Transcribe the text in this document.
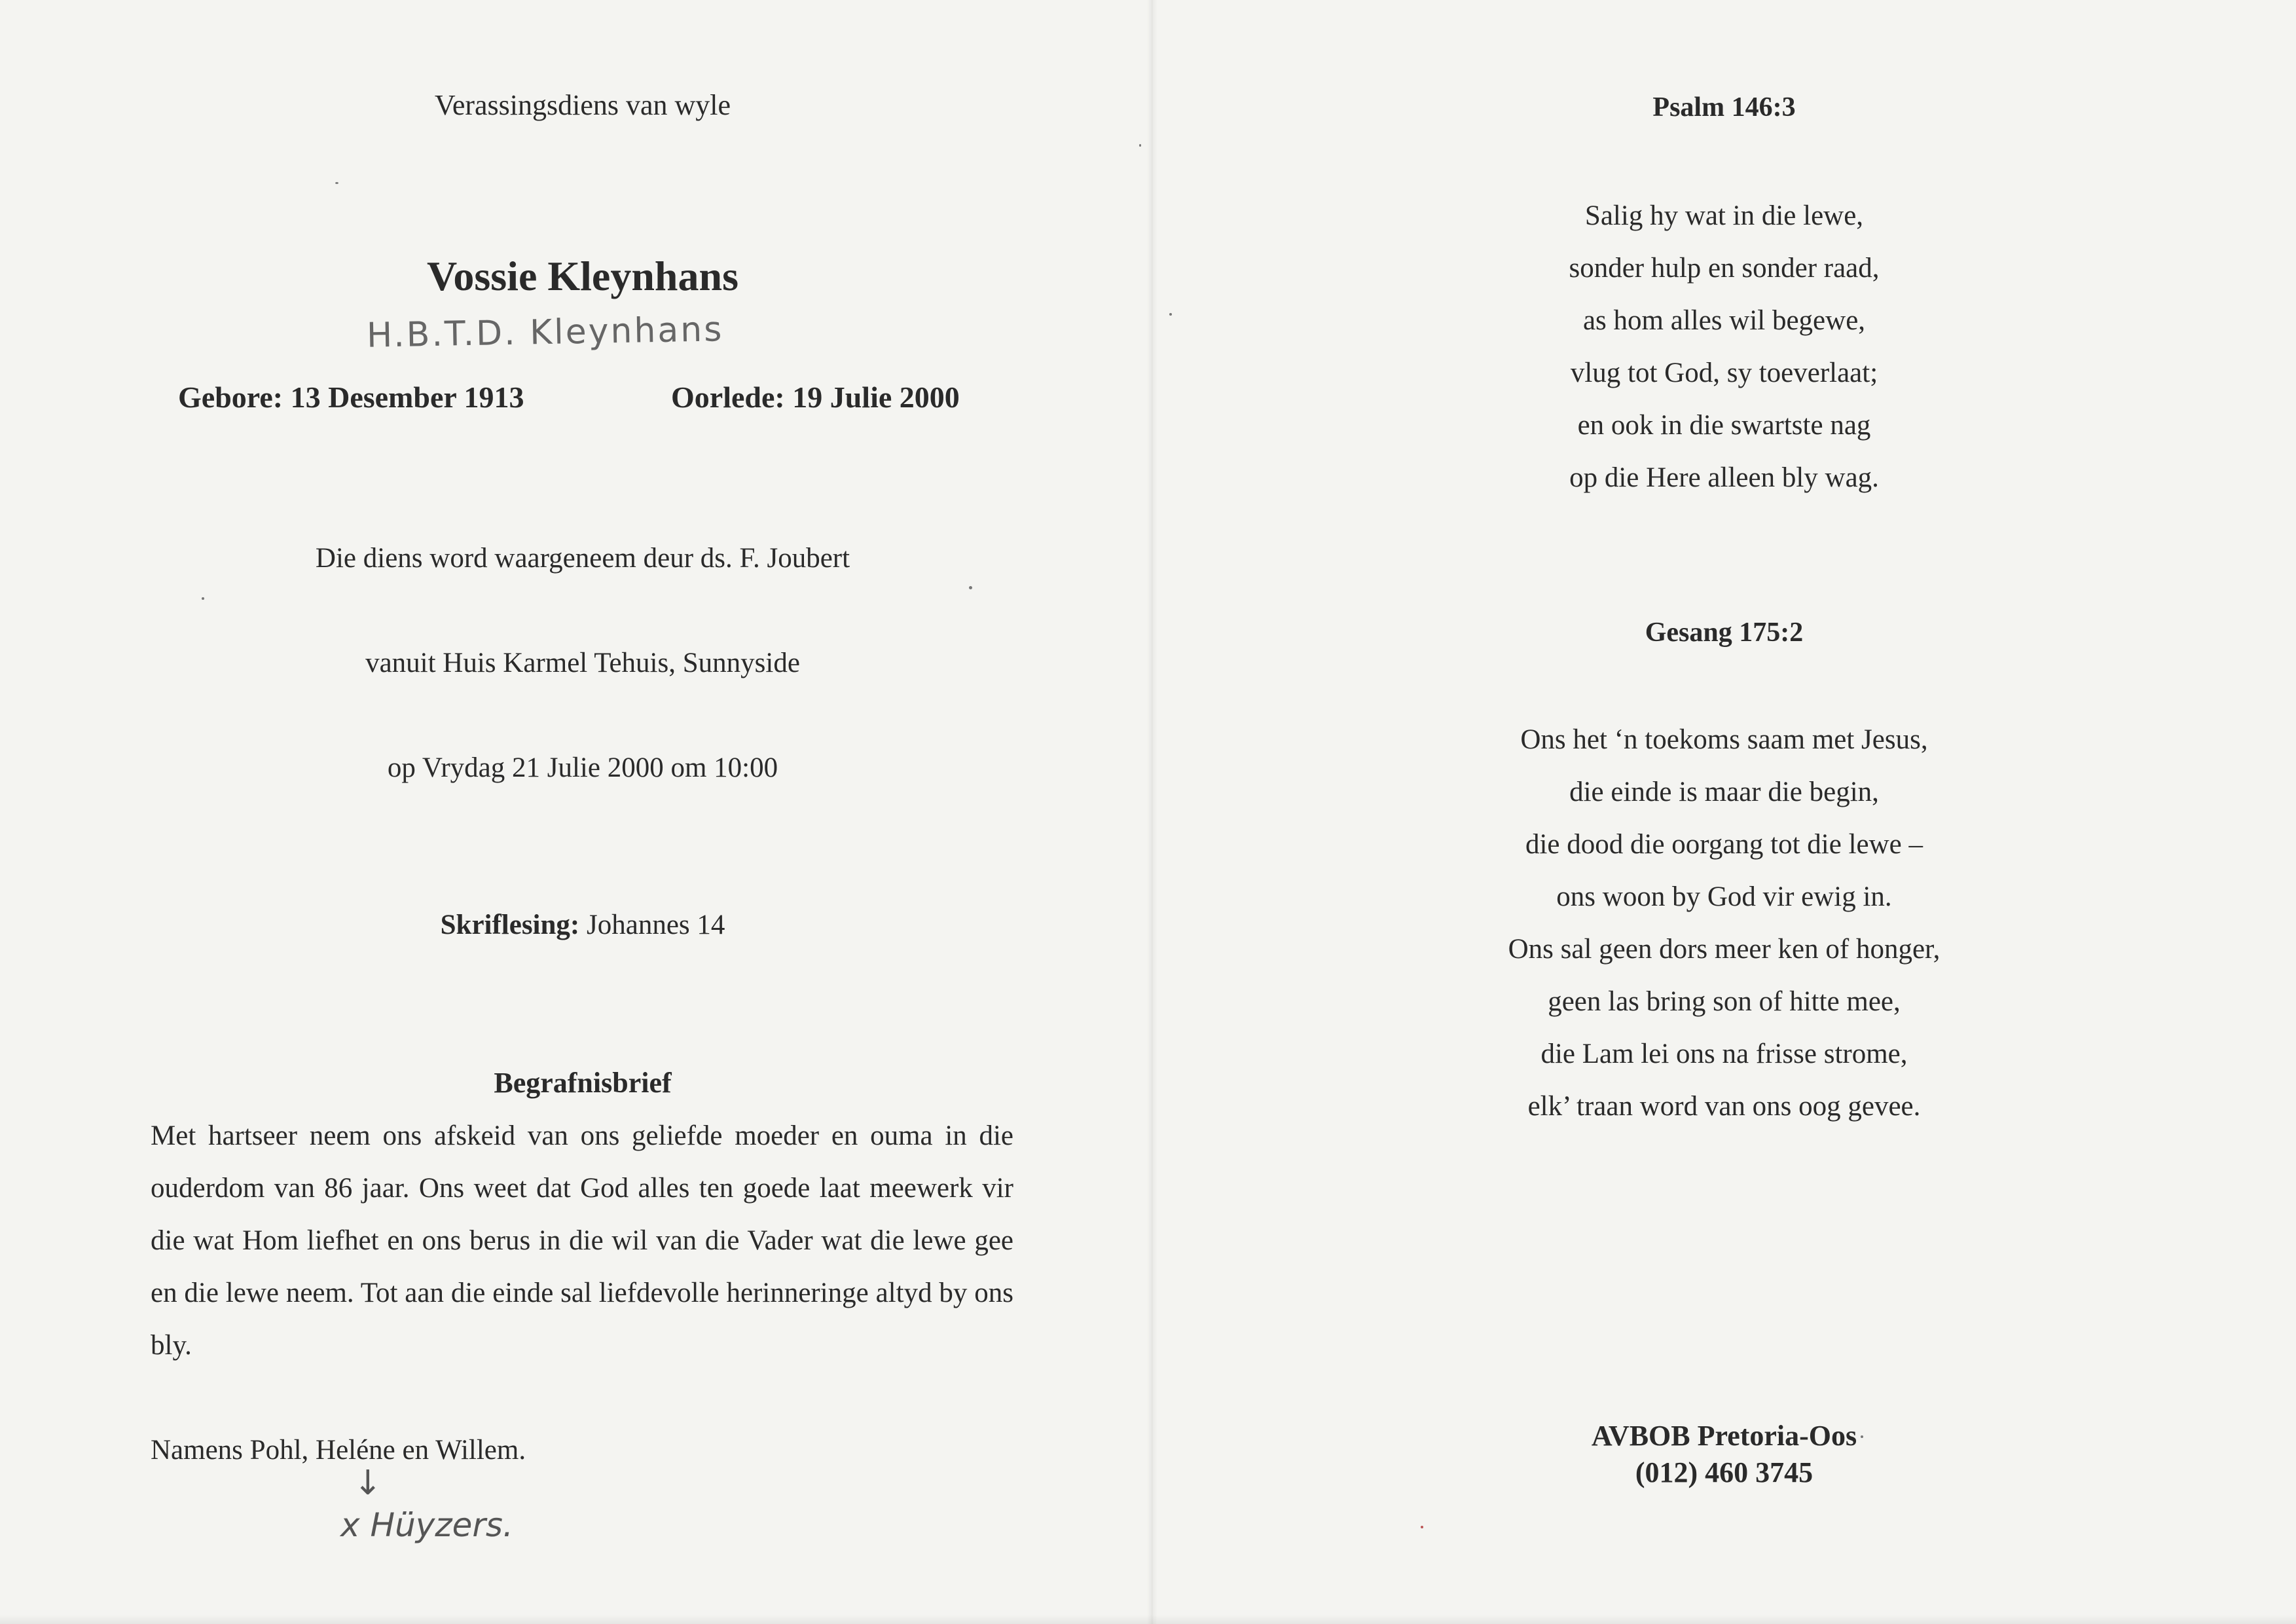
Verassingsdiens van wyle

Vossie Kleynhans

H.B.T.D. Kleynhans

Gebore: 13 Desember 1913	Oorlede: 19 Julie 2000

Die diens word waargeneem deur ds. F. Joubert

vanuit Huis Karmel Tehuis, Sunnyside

op Vrydag 21 Julie 2000 om 10:00

Skriflesing: Johannes 14

Begrafnisbrief

Met hartseer neem ons afskeid van ons geliefde moeder en ouma in die ouderdom van 86 jaar. Ons weet dat God alles ten goede laat meewerk vir die wat Hom liefhet en ons berus in die wil van die Vader wat die lewe gee en die lewe neem. Tot aan die einde sal liefdevolle herinneringe altyd by ons bly.

Namens Pohl, Heléne en Willem.

↓

x Hüyzers.

Psalm 146:3

Salig hy wat in die lewe,
sonder hulp en sonder raad,
as hom alles wil begewe,
vlug tot God, sy toeverlaat;
en ook in die swartste nag
op die Here alleen bly wag.

Gesang 175:2

Ons het ‘n toekoms saam met Jesus,
die einde is maar die begin,
die dood die oorgang tot die lewe –
ons woon by God vir ewig in.
Ons sal geen dors meer ken of honger,
geen las bring son of hitte mee,
die Lam lei ons na frisse strome,
elk’ traan word van ons oog gevee.
AVBOB Pretoria-Oos
(012) 460 3745
